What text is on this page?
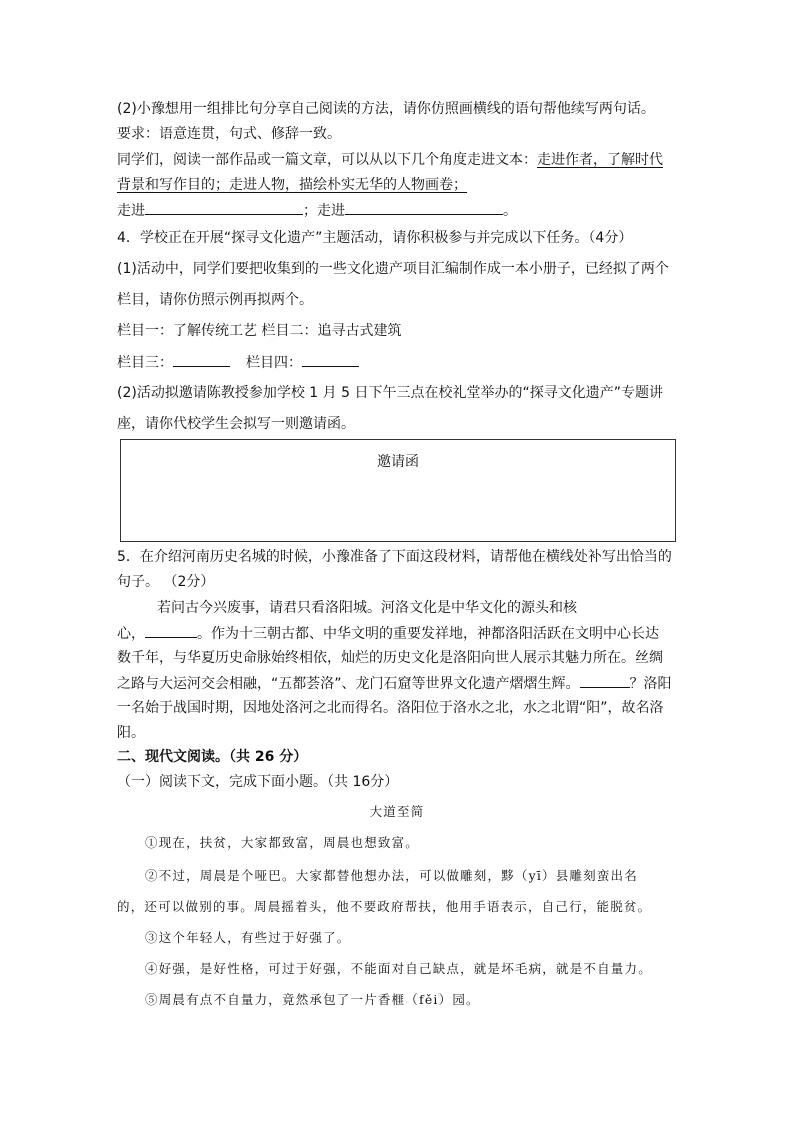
(2)小豫想用一组排比句分享自己阅读的方法，请你仿照画横线的语句帮他续写两句话。
要求：语意连贯，句式、修辞一致。
同学们，阅读一部作品或一篇文章，可以从以下几个角度走进文本：走进作者，了解时代
背景和写作目的；走进人物，描绘朴实无华的人物画卷；
走进	；走进	。
4．学校正在开展“探寻文化遗产”主题活动，请你积极参与并完成以下任务。（4分）
(1)活动中，同学们要把收集到的一些文化遗产项目汇编制作成一本小册子，已经拟了两个
栏目，请你仿照示例再拟两个。
栏目一：了解传统工艺 栏目二：追寻古式建筑
栏目三：	栏目四：
(2)活动拟邀请陈教授参加学校 1 月 5 日下午三点在校礼堂举办的“探寻文化遗产”专题讲
座，请你代校学生会拟写一则邀请函。
邀请函
5．在介绍河南历史名城的时候，小豫准备了下面这段材料，请帮他在横线处补写出恰当的
句子。 （2分）
若问古今兴废事，请君只看洛阳城。河洛文化是中华文化的源头和核
心，	。作为十三朝古都、中华文明的重要发祥地，神都洛阳活跃在文明中心长达
数千年，与华夏历史命脉始终相依，灿烂的历史文化是洛阳向世人展示其魅力所在。丝绸
之路与大运河交会相融，“五都荟洛”、龙门石窟等世界文化遗产熠熠生辉。	？洛阳
一名始于战国时期，因地处洛河之北而得名。洛阳位于洛水之北，水之北谓“阳”，故名洛
阳。
二、现代文阅读。（共 26 分）
（一）阅读下文，完成下面小题。（共 16分）
大道至简
①现在，扶贫，大家都致富，周晨也想致富。
②不过，周晨是个哑巴。大家都替他想办法，可以做雕刻，黟（yī）县雕刻蛮出名
的，还可以做别的事。周晨摇着头，他不要政府帮扶，他用手语表示，自己行，能脱贫。
③这个年轻人，有些过于好强了。
④好强，是好性格，可过于好强，不能面对自己缺点，就是坏毛病，就是不自量力。
⑤周晨有点不自量力，竟然承包了一片香榧（fěi）园。
